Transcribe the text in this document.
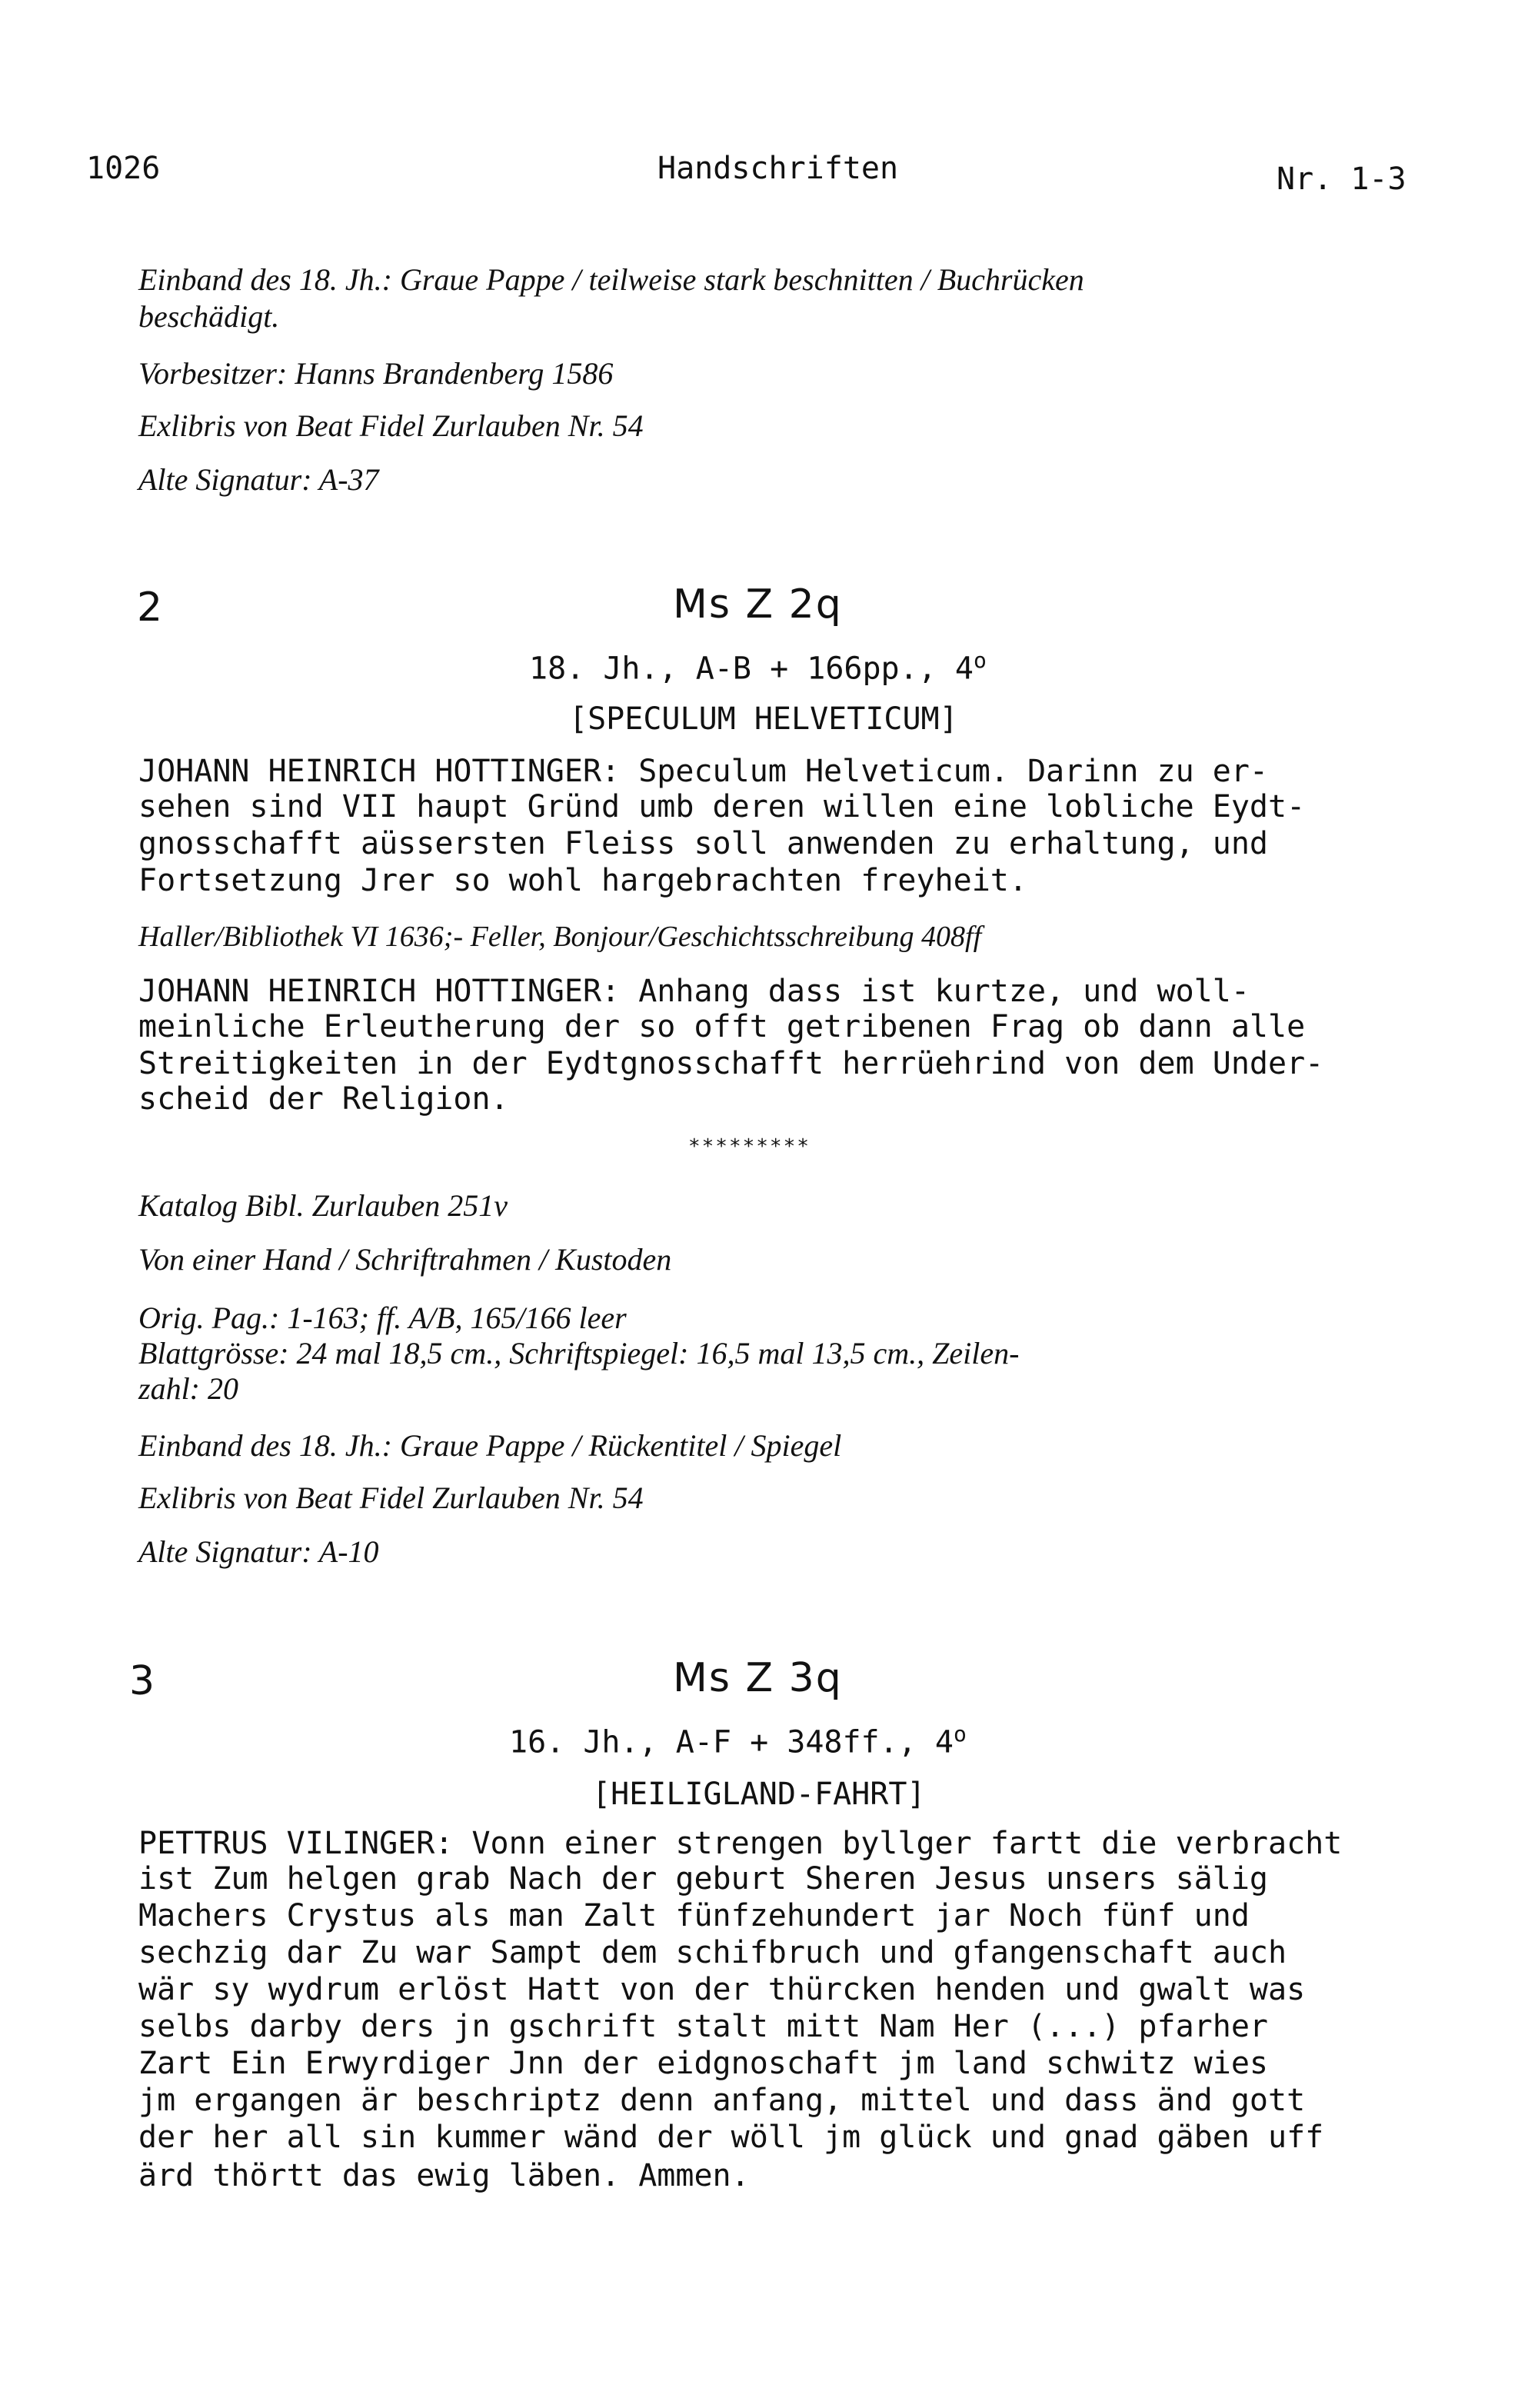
1026	Handschriften	Nr. 1-3
Einband des 18. Jh.: Graue Pappe / teilweise stark beschnitten / Buchrücken
beschädigt.
Vorbesitzer: Hanns Brandenberg 1586
Exlibris von Beat Fidel Zurlauben Nr. 54
Alte Signatur: A-37
2	Ms Z 2q
18. Jh., A-B + 166pp., 4$^o$
[SPECULUM HELVETICUM]
JOHANN HEINRICH HOTTINGER: Speculum Helveticum. Darinn zu er-
sehen sind VII haupt Gründ umb deren willen eine lobliche Eydt-
gnosschafft aüssersten Fleiss soll anwenden zu erhaltung, und
Fortsetzung Jrer so wohl hargebrachten freyheit.
Haller/Bibliothek VI 1636;- Feller, Bonjour/Geschichtsschreibung 408ff
JOHANN HEINRICH HOTTINGER: Anhang dass ist kurtze, und woll-
meinliche Erleutherung der so offt getribenen Frag ob dann alle
Streitigkeiten in der Eydtgnosschafft herrüehrind von dem Under-
scheid der Religion.
*********
Katalog Bibl. Zurlauben 251v
Von einer Hand / Schriftrahmen / Kustoden
Orig. Pag.: 1-163; ff. A/B, 165/166 leer
Blattgrösse: 24 mal 18,5 cm., Schriftspiegel: 16,5 mal 13,5 cm., Zeilen-
zahl: 20
Einband des 18. Jh.: Graue Pappe / Rückentitel / Spiegel
Exlibris von Beat Fidel Zurlauben Nr. 54
Alte Signatur: A-10
3	Ms Z 3q
16. Jh., A-F + 348ff., 4$^o$
[HEILIGLAND-FAHRT]
PETTRUS VILINGER: Vonn einer strengen byllger fartt die verbracht
ist Zum helgen grab Nach der geburt Sheren Jesus unsers sälig
Machers Crystus als man Zalt fünfzehundert jar Noch fünf und
sechzig dar Zu war Sampt dem schifbruch und gfangenschaft auch
wär sy wydrum erlöst Hatt von der thürcken henden und gwalt was
selbs darby ders jn gschrift stalt mitt Nam Her (...) pfarher
Zart Ein Erwyrdiger Jnn der eidgnoschaft jm land schwitz wies
jm ergangen är beschriptz denn anfang, mittel und dass änd gott
der her all sin kummer wänd der wöll jm glück und gnad gäben uff
ärd thörtt das ewig läben. Ammen.
